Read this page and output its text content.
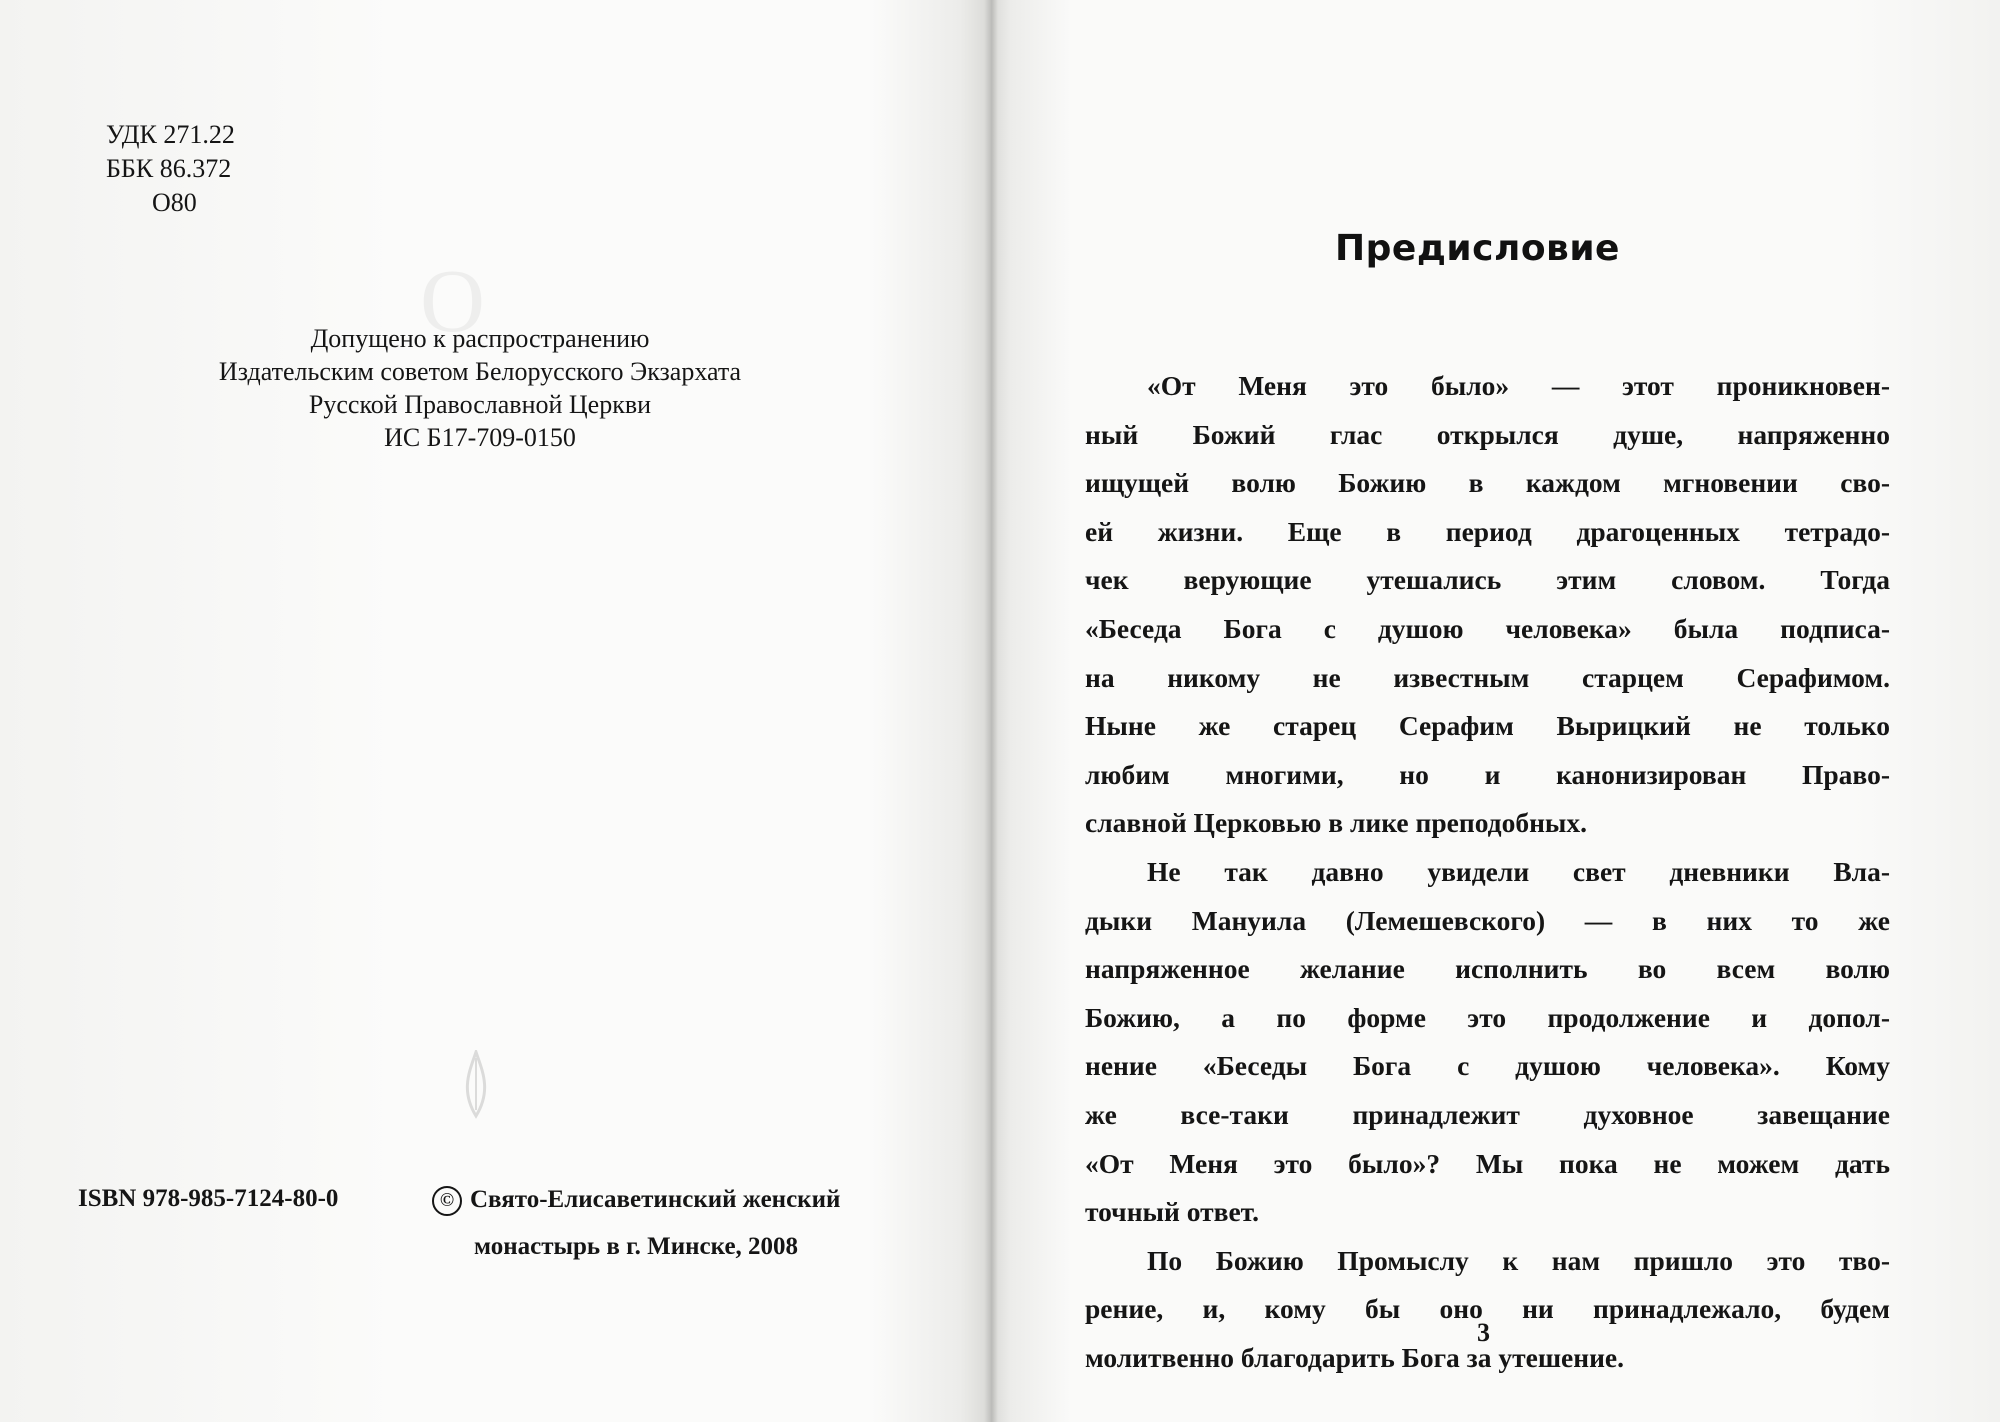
О
УДК 271.22
ББК 86.372
О80
Допущено к распространению
Издательским советом Белорусского Экзархата
Русской Православной Церкви
ИС Б17-709-0150
ISBN 978-985-7124-80-0	© Свято-Елисаветинский женский
монастырь в г. Минске, 2008
Предисловие
«От Меня это было» — этот проникновен-
ный Божий глас открылся душе, напряженно
ищущей волю Божию в каждом мгновении сво-
ей жизни. Еще в период драгоценных тетрадо-
чек верующие утешались этим словом. Тогда
«Беседа Бога с душою человека» была подписа-
на никому не известным старцем Серафимом.
Ныне же старец Серафим Вырицкий не только
любим многими, но и канонизирован Право-
славной Церковью в лике преподобных.
Не так давно увидели свет дневники Вла-
дыки Мануила (Лемешевского) — в них то же
напряженное желание исполнить во всем волю
Божию, а по форме это продолжение и допол-
нение «Беседы Бога с душою человека». Кому
же все-таки принадлежит духовное завещание
«От Меня это было»? Мы пока не можем дать
точный ответ.
По Божию Промыслу к нам пришло это тво-
рение, и, кому бы оно ни принадлежало, будем
молитвенно благодарить Бога за утешение.
3
